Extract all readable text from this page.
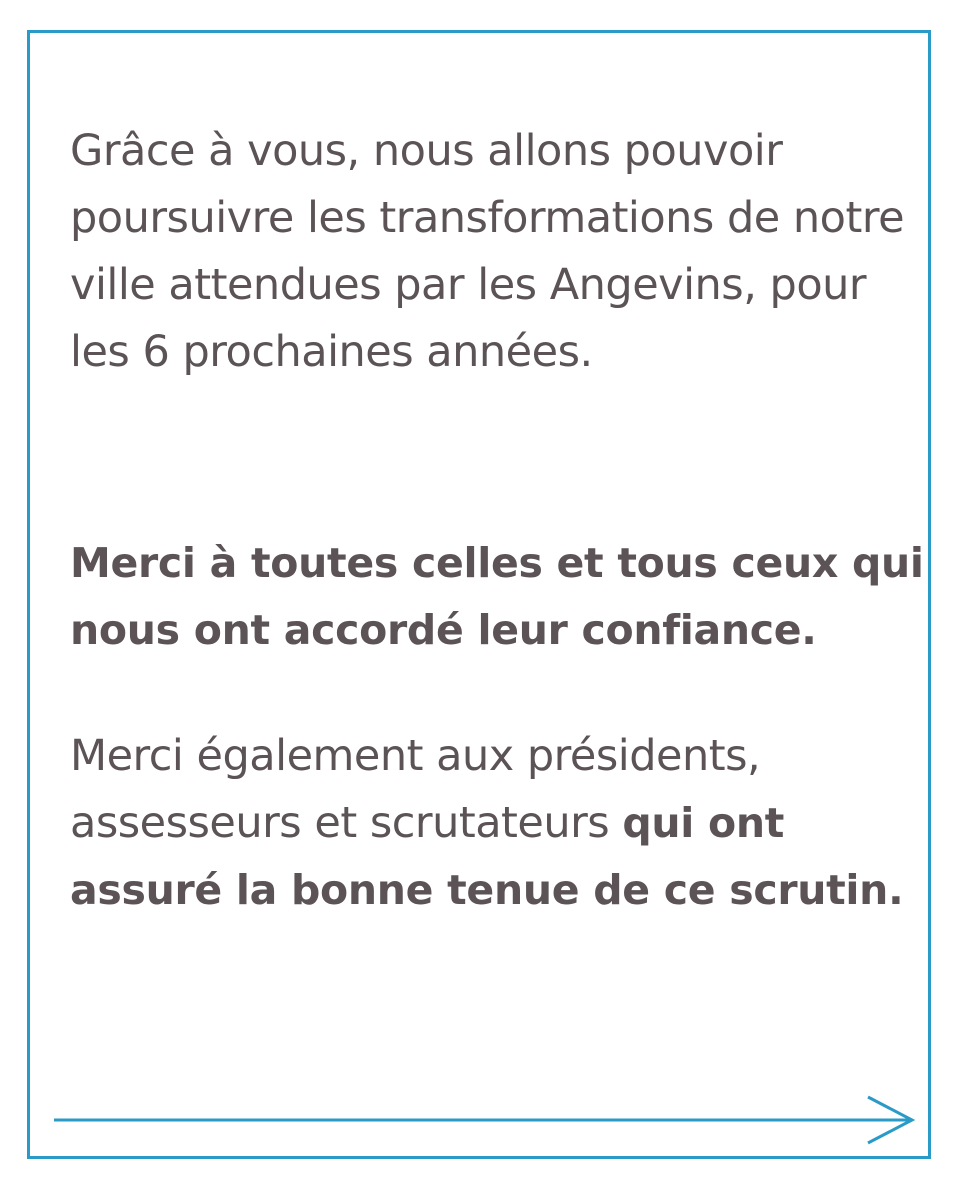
Grâce à vous, nous allons pouvoir poursuivre les transformations de notre ville attendues par les Angevins, pour les 6 prochaines années.

Merci à toutes celles et tous ceux qui nous ont accordé leur confiance.

Merci également aux présidents, assesseurs et scrutateurs qui ont assuré la bonne tenue de ce scrutin.
